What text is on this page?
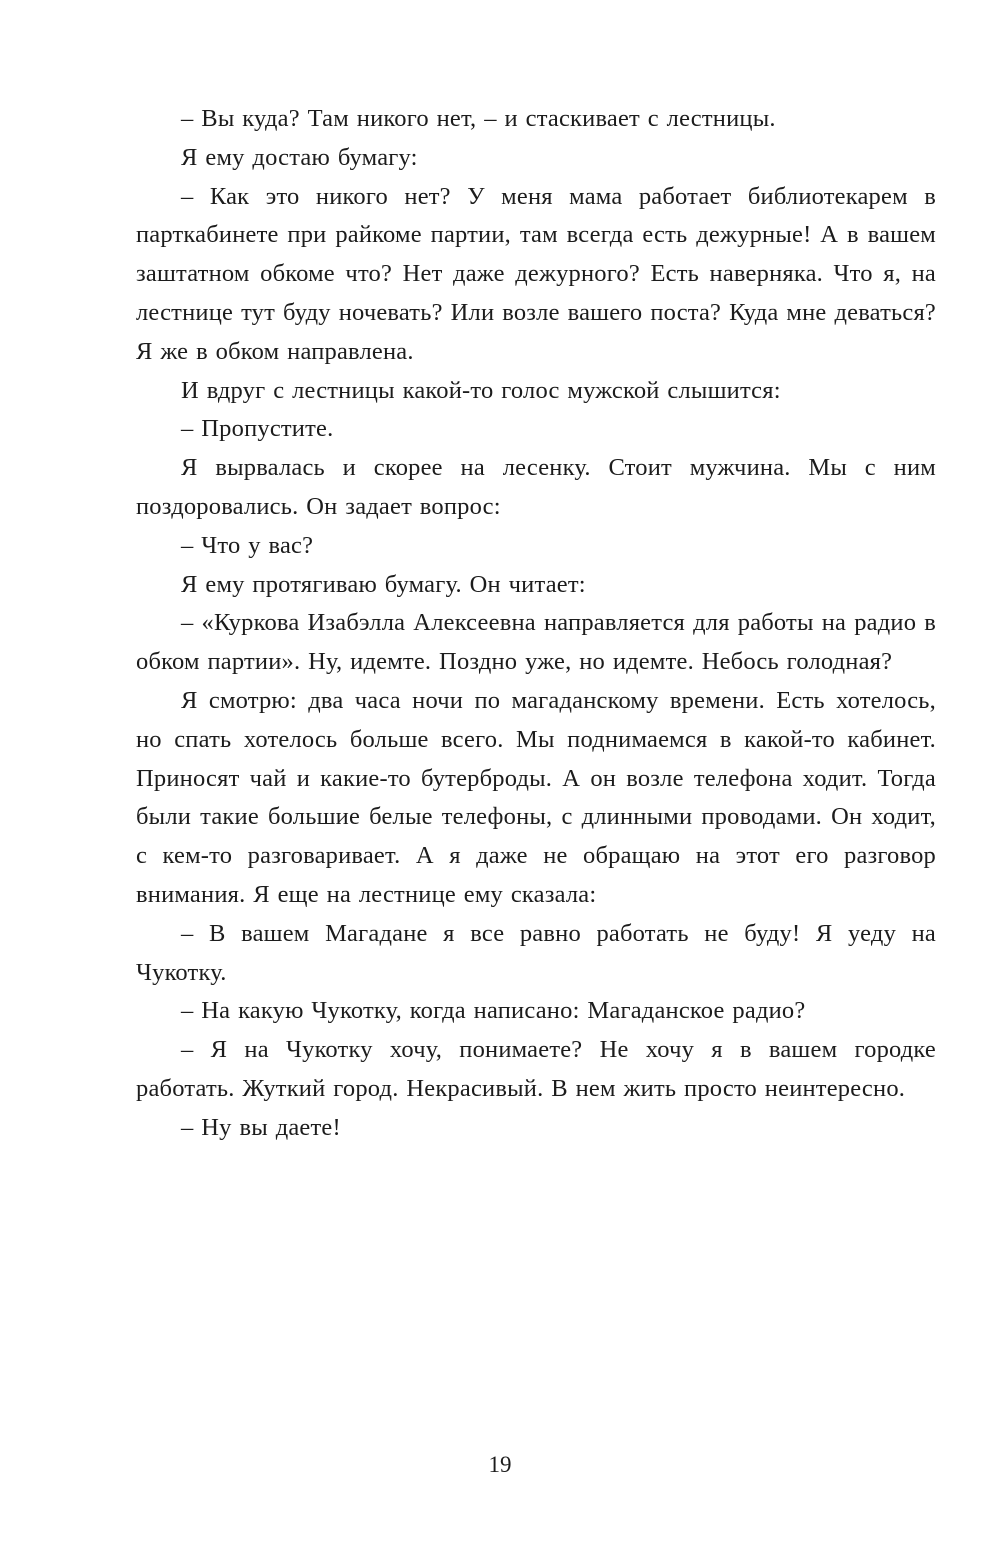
– Вы куда? Там никого нет, – и стаскивает с лестницы.

Я ему достаю бумагу:

– Как это никого нет? У меня мама работает библиотекарем в парткабинете при райкоме партии, там всегда есть дежурные! А в вашем заштатном обкоме что? Нет даже дежурного? Есть наверняка. Что я, на лестнице тут буду ночевать? Или возле вашего поста? Куда мне деваться? Я же в обком направлена.

И вдруг с лестницы какой-то голос мужской слышится:

– Пропустите.

Я вырвалась и скорее на лесенку. Стоит мужчина. Мы с ним поздоровались. Он задает вопрос:

– Что у вас?

Я ему протягиваю бумагу. Он читает:

– «Куркова Изабэлла Алексеевна направляется для работы на радио в обком партии». Ну, идемте. Поздно уже, но идемте. Небось голодная?

Я смотрю: два часа ночи по магаданскому времени. Есть хотелось, но спать хотелось больше всего. Мы поднимаемся в какой-то кабинет. Приносят чай и какие-то бутерброды. А он возле телефона ходит. Тогда были такие большие белые телефоны, с длинными проводами. Он ходит, с кем-то разговаривает. А я даже не обращаю на этот его разговор внимания. Я еще на лестнице ему сказала:

– В вашем Магадане я все равно работать не буду! Я уеду на Чукотку.

– На какую Чукотку, когда написано: Магаданское радио?

– Я на Чукотку хочу, понимаете? Не хочу я в вашем городке работать. Жуткий город. Некрасивый. В нем жить просто неинтересно.

– Ну вы даете!

19
